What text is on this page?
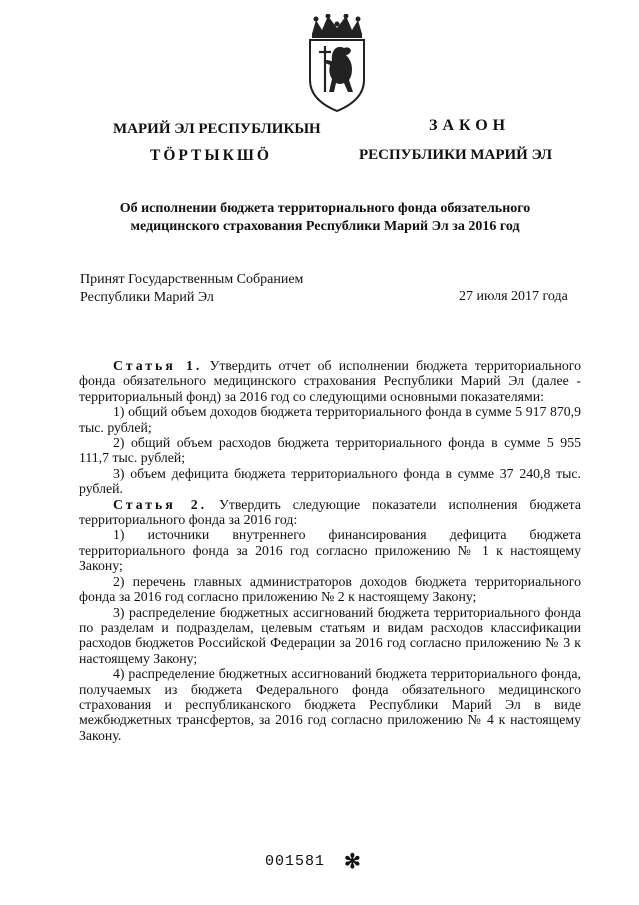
МАРИЙ ЭЛ РЕСПУБЛИКЫН
ТӦРТЫКШӦ
ЗАКОН
РЕСПУБЛИКИ МАРИЙ ЭЛ
Об исполнении бюджета территориального фонда обязательного
медицинского страхования Республики Марий Эл за 2016 год
Принят Государственным Собранием
Республики Марий Эл	27 июля 2017 года

Статья 1. Утвердить отчет об исполнении бюджета территориального фонда обязательного медицинского страхования Республики Марий Эл (далее - территориальный фонд) за 2016 год со следующими основными показателями:

1) общий объем доходов бюджета территориального фонда в сумме 5 917 870,9 тыс. рублей;

2) общий объем расходов бюджета территориального фонда в сумме 5 955 111,7 тыс. рублей;

3) объем дефицита бюджета территориального фонда в сумме 37 240,8 тыс. рублей.

Статья 2. Утвердить следующие показатели исполнения бюджета территориального фонда за 2016 год:

1) источники внутреннего финансирования дефицита бюджета территориального фонда за 2016 год согласно приложению № 1 к настоящему Закону;

2) перечень главных администраторов доходов бюджета территориального фонда за 2016 год согласно приложению № 2 к настоящему Закону;

3) распределение бюджетных ассигнований бюджета территориального фонда по разделам и подразделам, целевым статьям и видам расходов классификации расходов бюджетов Российской Федерации за 2016 год согласно приложению № 3 к настоящему Закону;

4) распределение бюджетных ассигнований бюджета территориального фонда, получаемых из бюджета Федерального фонда обязательного медицинского страхования и республиканского бюджета Республики Марий Эл в виде межбюджетных трансфертов, за 2016 год согласно приложению № 4 к настоящему Закону.

001581 ✻
